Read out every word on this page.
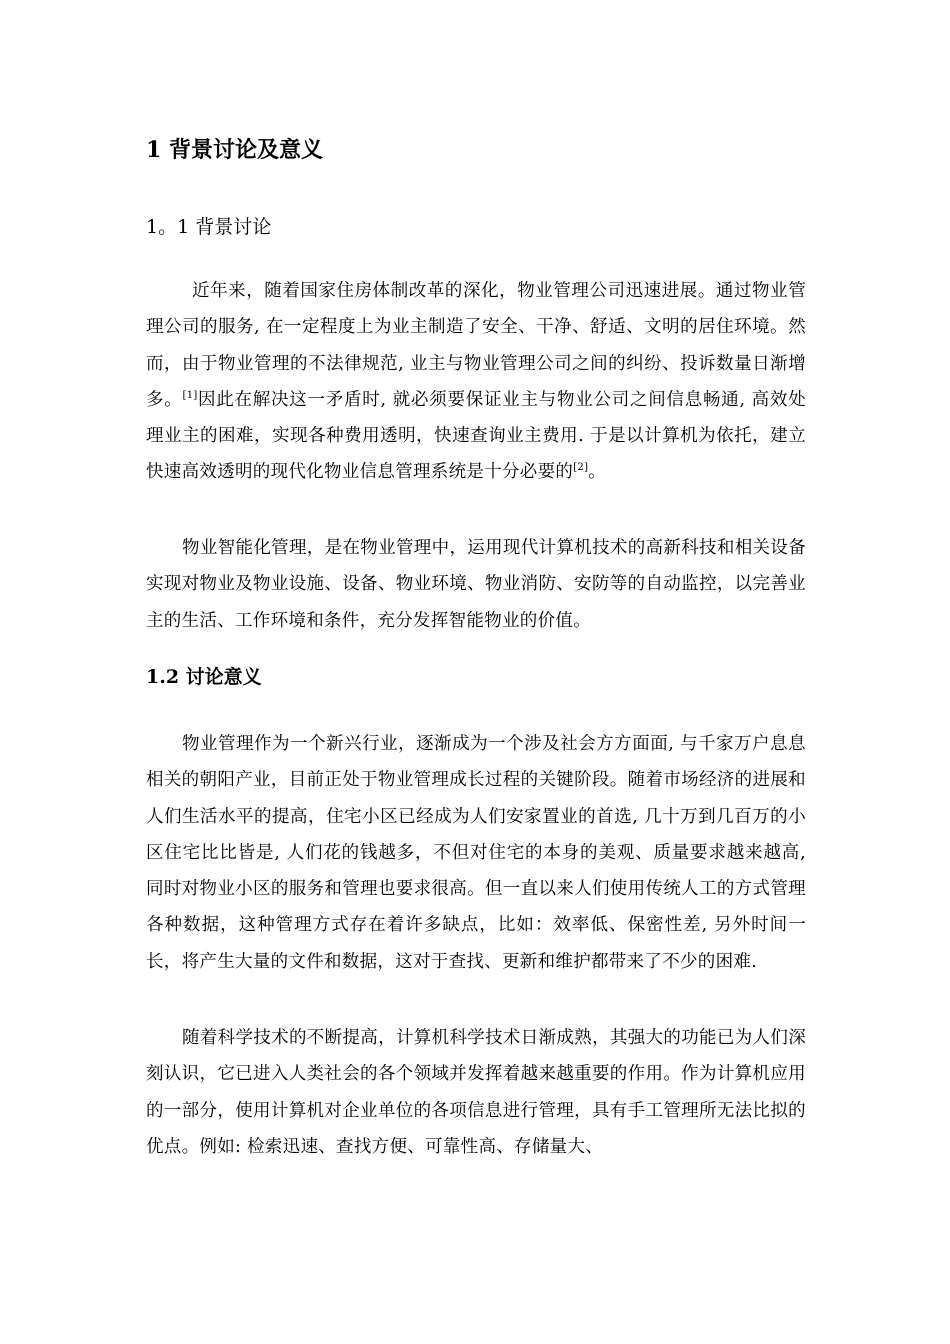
1 背景讨论及意义
1。1 背景讨论

近年来，随着国家住房体制改革的深化，物业管理公司迅速进展。通过物业管理公司的服务, 在一定程度上为业主制造了安全、干净、舒适、文明的居住环境。然而，由于物业管理的不法律规范, 业主与物业管理公司之间的纠纷、投诉数量日渐增多。[1]因此在解决这一矛盾时, 就必须要保证业主与物业公司之间信息畅通, 高效处理业主的困难，实现各种费用透明，快速查询业主费用. 于是以计算机为依托，建立快速高效透明的现代化物业信息管理系统是十分必要的[2]。

物业智能化管理，是在物业管理中，运用现代计算机技术的高新科技和相关设备实现对物业及物业设施、设备、物业环境、物业消防、安防等的自动监控，以完善业主的生活、工作环境和条件，充分发挥智能物业的价值。

1.2 讨论意义

物业管理作为一个新兴行业，逐渐成为一个涉及社会方方面面, 与千家万户息息相关的朝阳产业，目前正处于物业管理成长过程的关键阶段。随着市场经济的进展和人们生活水平的提高，住宅小区已经成为人们安家置业的首选, 几十万到几百万的小区住宅比比皆是, 人们花的钱越多，不但对住宅的本身的美观、质量要求越来越高, 同时对物业小区的服务和管理也要求很高。但一直以来人们使用传统人工的方式管理各种数据，这种管理方式存在着许多缺点，比如：效率低、保密性差, 另外时间一长，将产生大量的文件和数据，这对于查找、更新和维护都带来了不少的困难.

随着科学技术的不断提高，计算机科学技术日渐成熟，其强大的功能已为人们深刻认识，它已进入人类社会的各个领域并发挥着越来越重要的作用。作为计算机应用的一部分，使用计算机对企业单位的各项信息进行管理，具有手工管理所无法比拟的优点。例如: 检索迅速、查找方便、可靠性高、存储量大、
